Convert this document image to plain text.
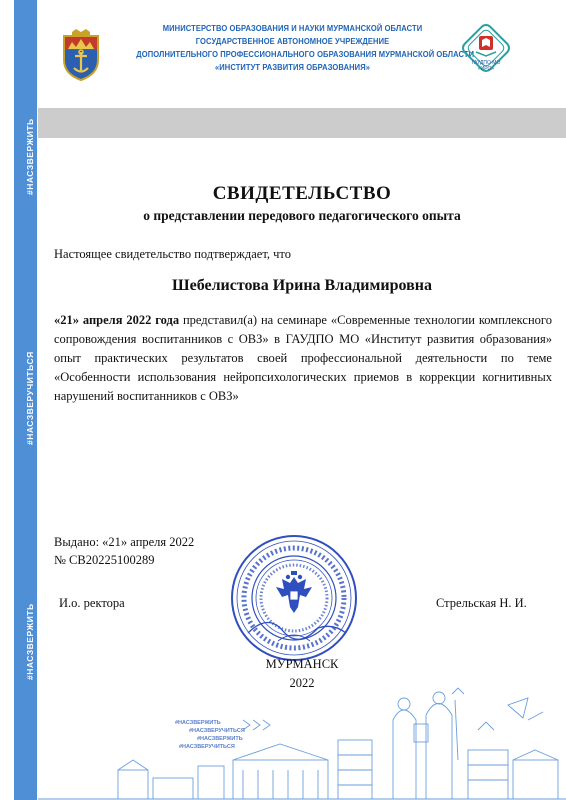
#НАСЗВЕРЖИТЬ
#НАСЗВЕРУЧИТЬСЯ
#НАСЗВЕРЖИТЬ
МИНИСТЕРСТВО ОБРАЗОВАНИЯ И НАУКИ МУРМАНСКОЙ ОБЛАСТИ
ГОСУДАРСТВЕННОЕ АВТОНОМНОЕ УЧРЕЖДЕНИЕ
ДОПОЛНИТЕЛЬНОГО ПРОФЕССИОНАЛЬНОГО ОБРАЗОВАНИЯ МУРМАНСКОЙ ОБЛАСТИ
«ИНСТИТУТ РАЗВИТИЯ ОБРАЗОВАНИЯ»	ГАУДПО МО
«ИРО»
СВИДЕТЕЛЬСТВО
о представлении передового педагогического опыта
Настоящее свидетельство подтверждает, что
Шебелистова Ирина Владимировна
«21» апреля 2022 года представил(а) на семинаре «Современные технологии комплексного сопровождения воспитанников с ОВЗ» в ГАУДПО МО «Институт развития образования» опыт практических результатов своей профессиональной деятельности по теме «Особенности использования нейропсихологических приемов в коррекции когнитивных нарушений воспитанников с ОВЗ»
Выдано: «21» апреля 2022
№ СВ20225100289
И.о. ректора	Стрельская Н. И.
МУРМАНСК
2022
#НАСЗВЕРЖИТЬ
#НАСЗВЕРУЧИТЬСЯ
#НАСЗВЕРЖИТЬ
#НАСЗВЕРУЧИТЬСЯ
